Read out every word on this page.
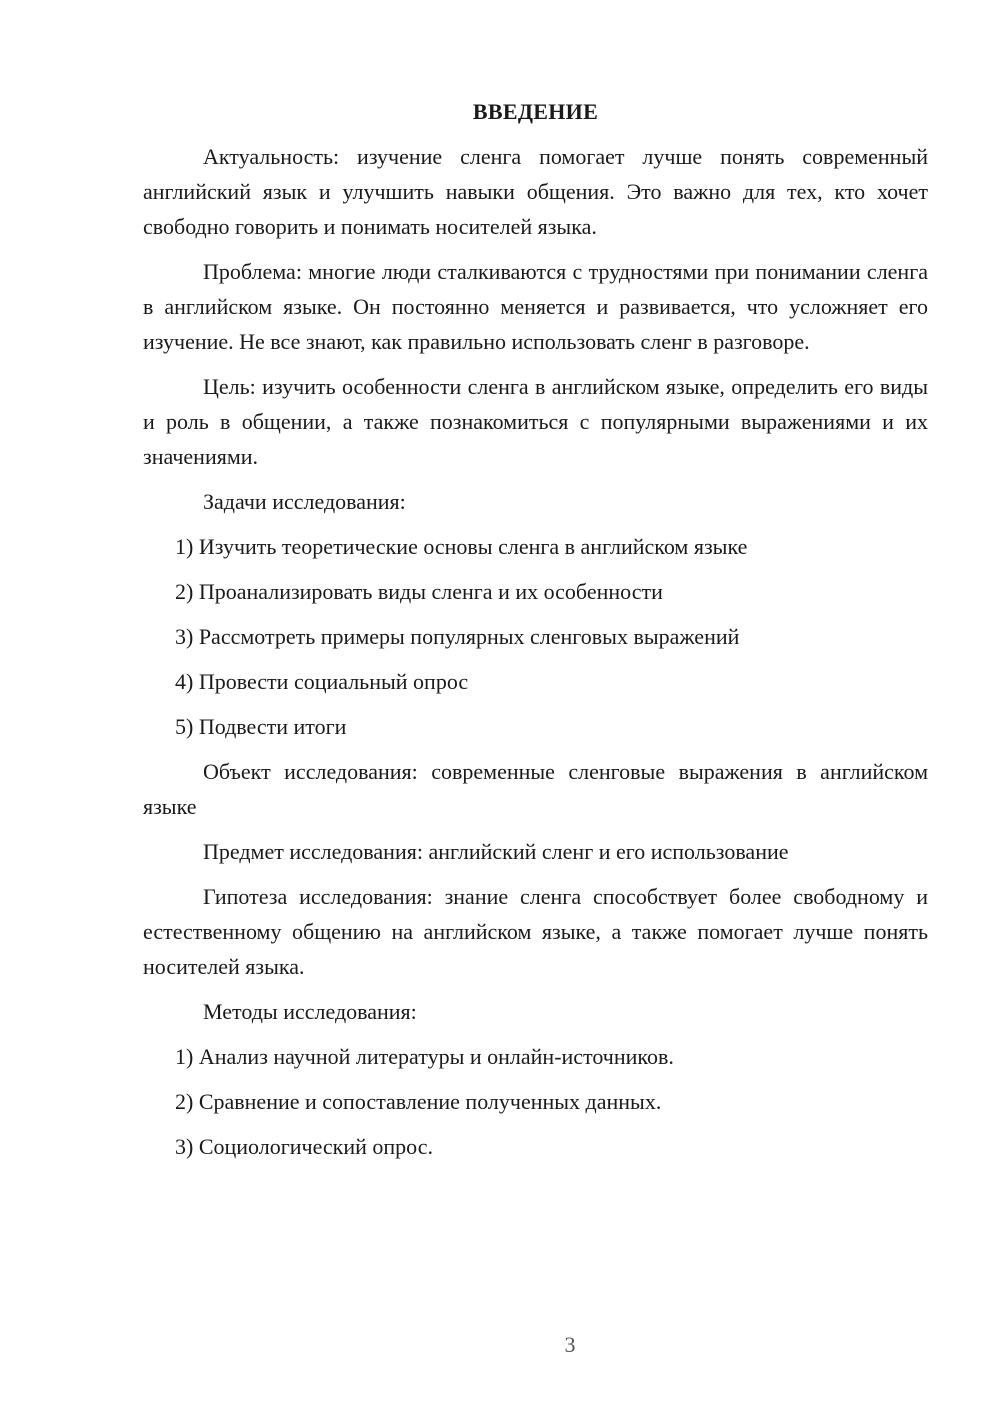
ВВЕДЕНИЕ

Актуальность: изучение сленга помогает лучше понять современный английский язык и улучшить навыки общения. Это важно для тех, кто хочет свободно говорить и понимать носителей языка.

Проблема: многие люди сталкиваются с трудностями при понимании сленга в английском языке. Он постоянно меняется и развивается, что усложняет его изучение. Не все знают, как правильно использовать сленг в разговоре.

Цель: изучить особенности сленга в английском языке, определить его виды и роль в общении, а также познакомиться с популярными выражениями и их значениями.

Задачи исследования:

1) Изучить теоретические основы сленга в английском языке
2) Проанализировать виды сленга и их особенности
3) Рассмотреть примеры популярных сленговых выражений
4) Провести социальный опрос
5) Подвести итоги

Объект исследования: современные сленговые выражения в английском языке

Предмет исследования: английский сленг и его использование

Гипотеза исследования: знание сленга способствует более свободному и естественному общению на английском языке, а также помогает лучше понять носителей языка.

Методы исследования:

1) Анализ научной литературы и онлайн-источников.
2) Сравнение и сопоставление полученных данных.
3) Социологический опрос.
3
